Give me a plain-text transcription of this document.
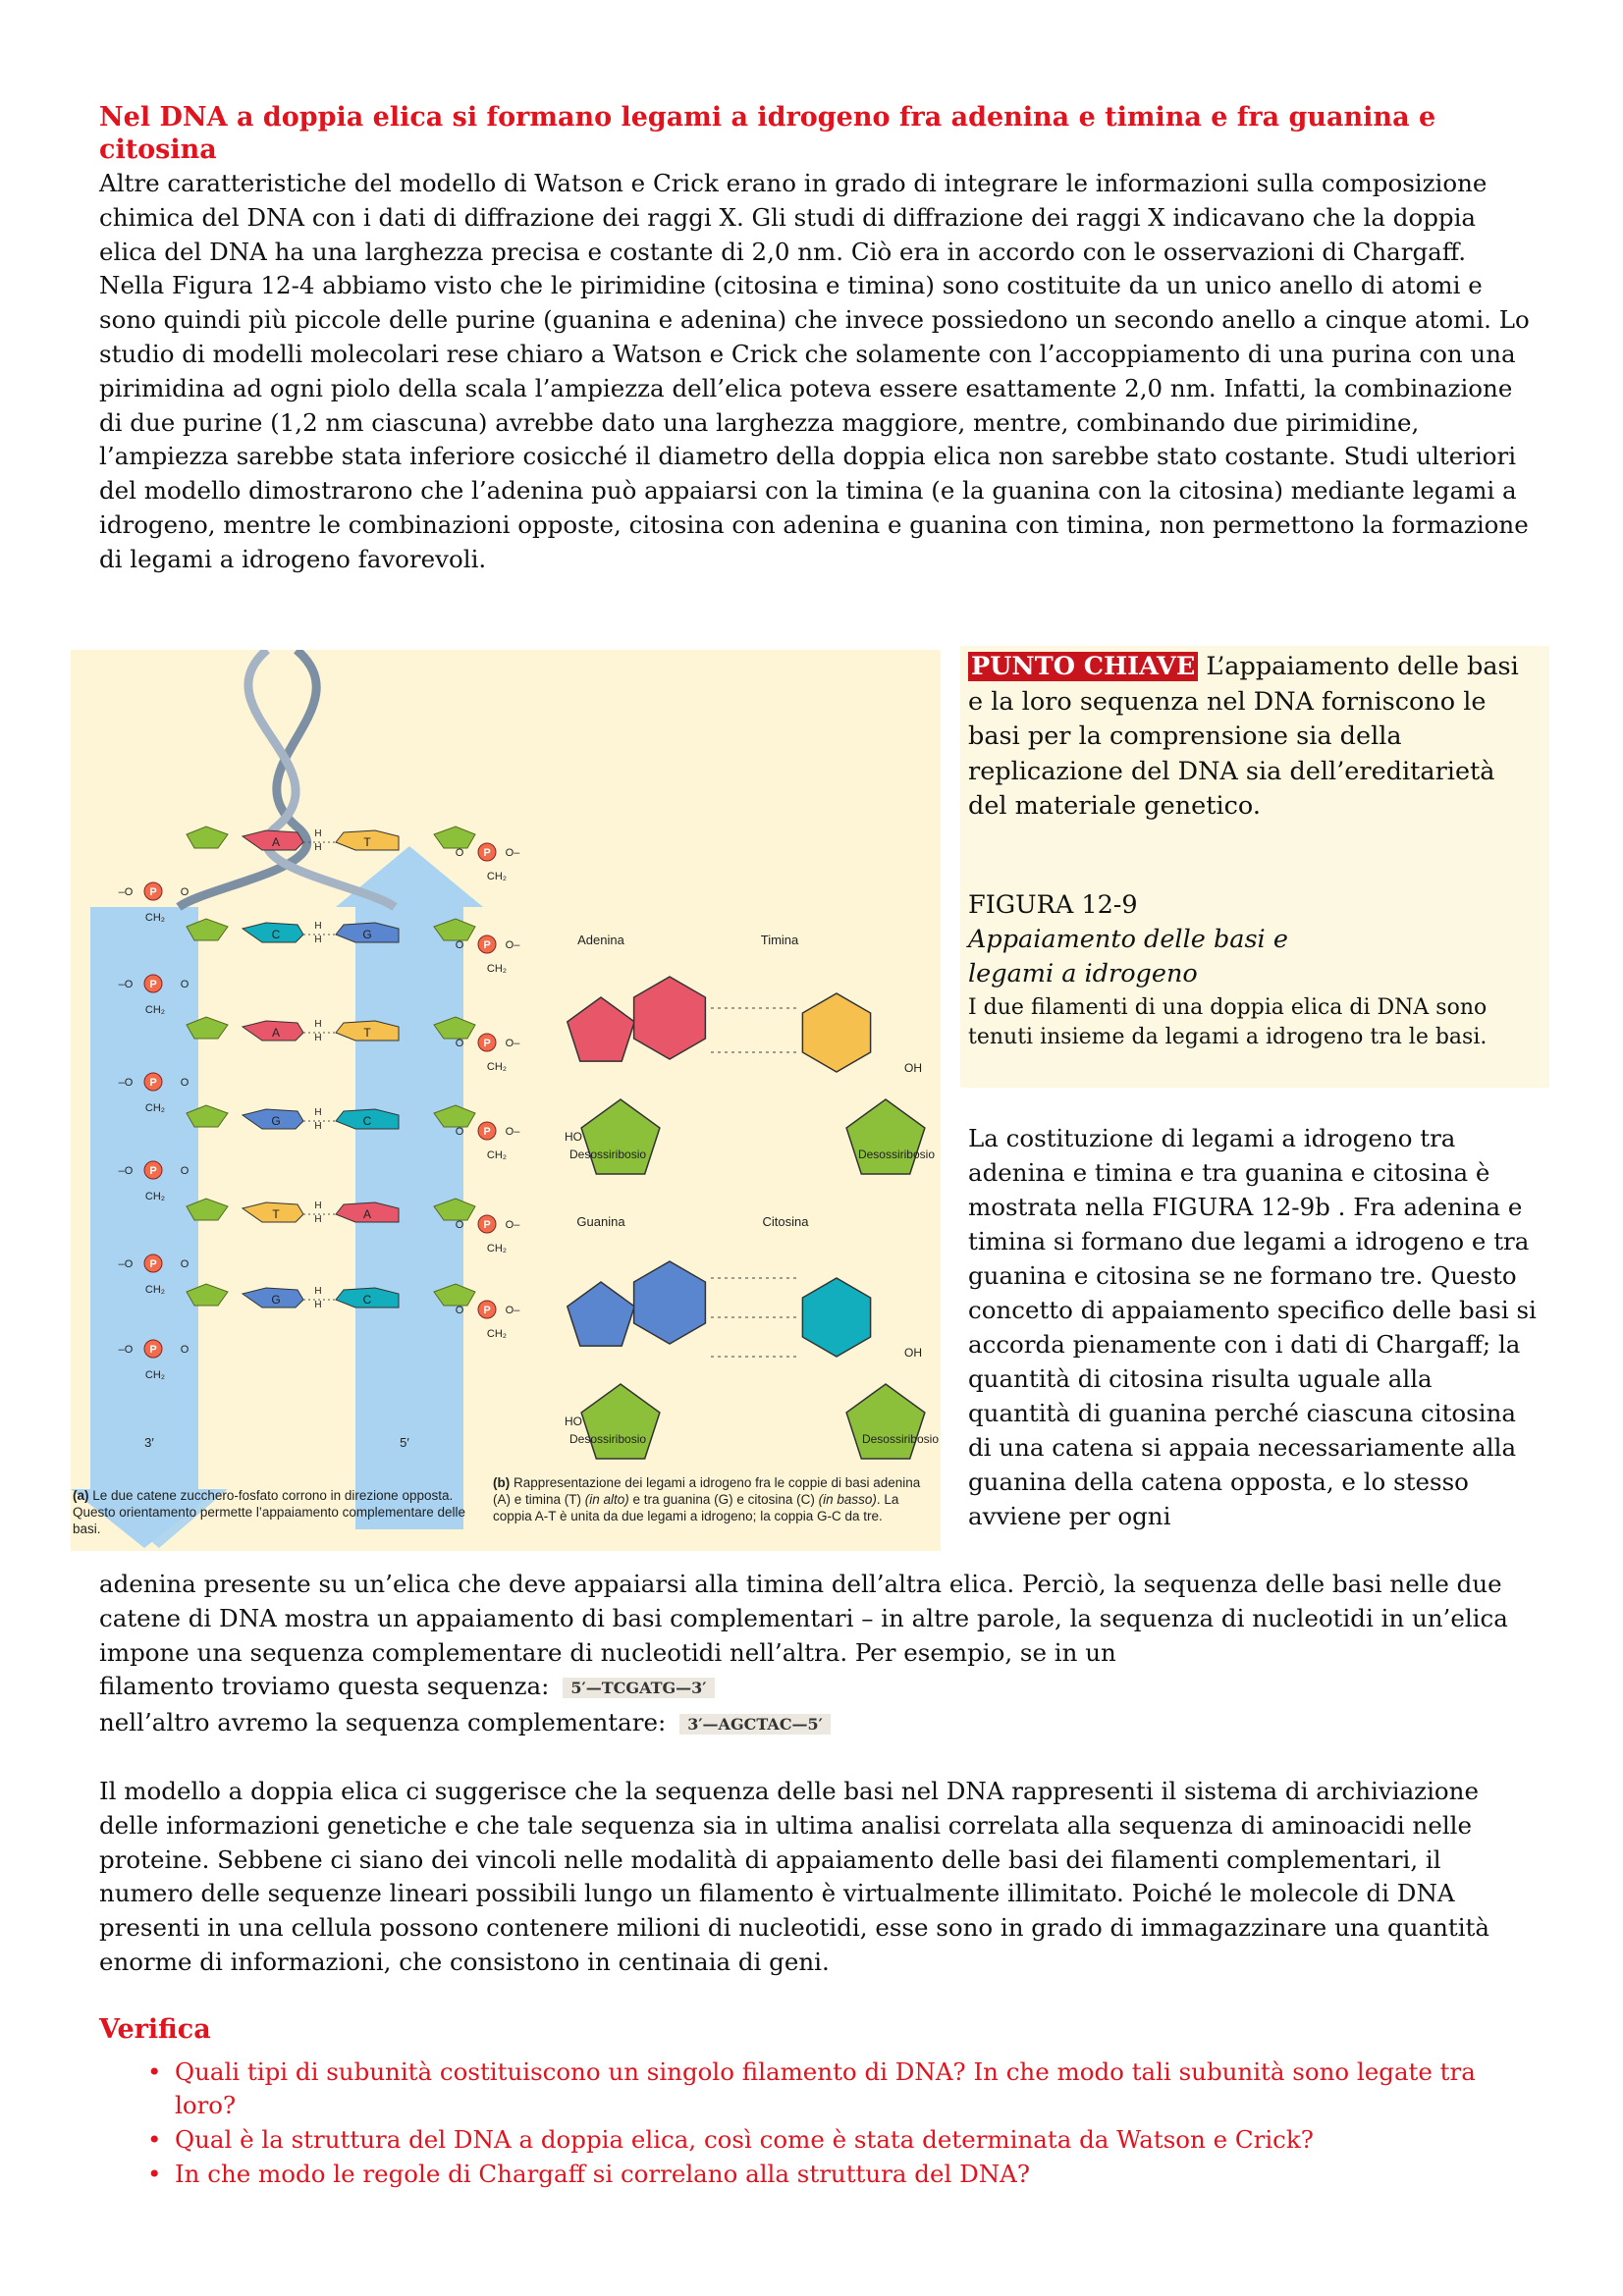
Nel DNA a doppia elica si formano legami a idrogeno fra adenina e timina e fra guanina e citosina

Altre caratteristiche del modello di Watson e Crick erano in grado di integrare le informazioni sulla composizione chimica del DNA con i dati di diffrazione dei raggi X. Gli studi di diffrazione dei raggi X indicavano che la doppia elica del DNA ha una larghezza precisa e costante di 2,0 nm. Ciò era in accordo con le osservazioni di Chargaff. Nella Figura 12-4 abbiamo visto che le pirimidine (citosina e timina) sono costituite da un unico anello di atomi e sono quindi più piccole delle purine (guanina e adenina) che invece possiedono un secondo anello a cinque atomi. Lo studio di modelli molecolari rese chiaro a Watson e Crick che solamente con l’accoppiamento di una purina con una pirimidina ad ogni piolo della scala l’ampiezza dell’elica poteva essere esattamente 2,0 nm. Infatti, la combinazione di due purine (1,2 nm ciascuna) avrebbe dato una larghezza maggiore, mentre, combinando due pirimidine, l’ampiezza sarebbe stata inferiore cosicché il diametro della doppia elica non sarebbe stato costante. Studi ulteriori del modello dimostrarono che l’adenina può appaiarsi con la timina (e la guanina con la citosina) mediante legami a idrogeno, mentre le combinazioni opposte, citosina con adenina e guanina con timina, non permettono la formazione di legami a idrogeno favorevoli.

A	T
H
H
P
–O	O
P
O	O–
CH₂
CH₂
C	G
H
H
P
–O	O
P
O	O–
CH₂
CH₂
A	T
H
H
P
–O	O
P
O	O–
CH₂
CH₂
G	C
H
H
P
–O	O
P
O	O–
CH₂
CH₂
T	A
H
H
P
–O	O
P
O	O–
CH₂
CH₂
G	C
H
H
P
–O	O
P
O	O–
CH₂
CH₂
3′	5′
Adenina	Timina
Guanina	Citosina
Desossiribosio	Desossiribosio
Desossiribosio	Desossiribosio
HO
OH
HO
OH
(a) Le due catene zucchero-fosfato corrono in direzione opposta. Questo orientamento permette l’appaiamento complementare delle basi.
(b) Rappresentazione dei legami a idrogeno fra le coppie di basi adenina (A) e timina (T) (in alto) e tra guanina (G) e citosina (C) (in basso). La coppia A-T è unita da due legami a idrogeno; la coppia G-C da tre.

PUNTO CHIAVE L’appaiamento delle basi e la loro sequenza nel DNA forniscono le basi per la comprensione sia della replicazione del DNA sia dell’ereditarietà del materiale genetico.

FIGURA 12-9

Appaiamento delle basi e
legami a idrogeno

I due filamenti di una doppia elica di DNA sono tenuti insieme da legami a idrogeno tra le basi.

La costituzione di legami a idrogeno tra adenina e timina e tra guanina e citosina è mostrata nella FIGURA 12-9b . Fra adenina e timina si formano due legami a idrogeno e tra guanina e citosina se ne formano tre. Questo concetto di appaiamento specifico delle basi si accorda pienamente con i dati di Chargaff; la quantità di citosina risulta uguale alla quantità di guanina perché ciascuna citosina di una catena si appaia necessariamente alla guanina della catena opposta, e lo stesso avviene per ogni

adenina presente su un’elica che deve appaiarsi alla timina dell’altra elica. Perciò, la sequenza delle basi nelle due catene di DNA mostra un appaiamento di basi complementari – in altre parole, la sequenza di nucleotidi in un’elica impone una sequenza complementare di nucleotidi nell’altra. Per esempio, se in un

filamento troviamo questa sequenza: 5′—TCGATG—3′

nell’altro avremo la sequenza complementare: 3′—AGCTAC—5′

Il modello a doppia elica ci suggerisce che la sequenza delle basi nel DNA rappresenti il sistema di archiviazione delle informazioni genetiche e che tale sequenza sia in ultima analisi correlata alla sequenza di aminoacidi nelle proteine. Sebbene ci siano dei vincoli nelle modalità di appaiamento delle basi dei filamenti complementari, il numero delle sequenze lineari possibili lungo un filamento è virtualmente illimitato. Poiché le molecole di DNA presenti in una cellula possono contenere milioni di nucleotidi, esse sono in grado di immagazzinare una quantità enorme di informazioni, che consistono in centinaia di geni.

Verifica

• Quali tipi di subunità costituiscono un singolo filamento di DNA? In che modo tali subunità sono legate tra loro?
• Qual è la struttura del DNA a doppia elica, così come è stata determinata da Watson e Crick?
• In che modo le regole di Chargaff si correlano alla struttura del DNA?
